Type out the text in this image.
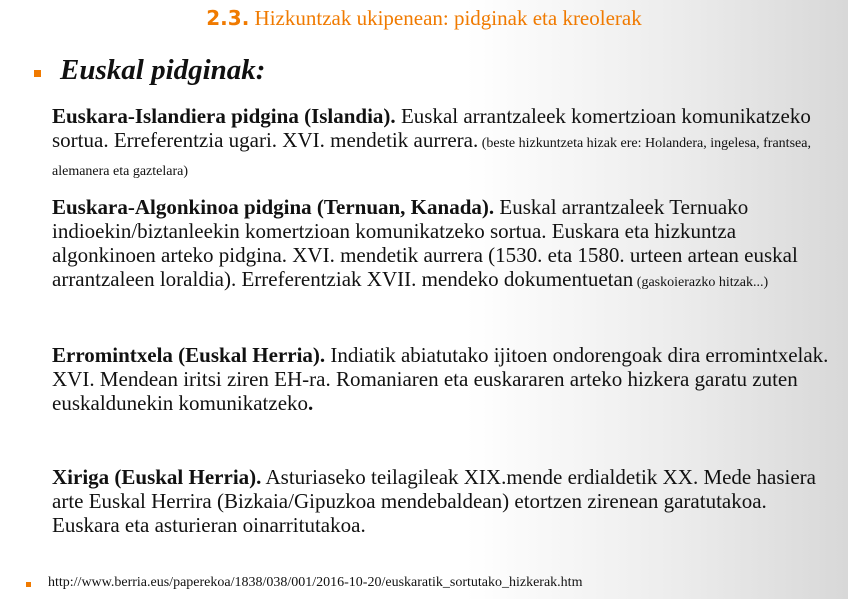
2.3. Hizkuntzak ukipenean: pidginak eta kreolerak
Euskal pidginak:

Euskara-Islandiera pidgina (Islandia). Euskal arrantzaleek komertzioan komunikatzeko sortua. Erreferentzia ugari. XVI. mendetik aurrera. (beste hizkuntzeta hizak ere: Holandera, ingelesa, frantsea, alemanera eta gaztelara)

Euskara-Algonkinoa pidgina (Ternuan, Kanada). Euskal arrantzaleek Ternuako indioekin/biztanleekin komertzioan komunikatzeko sortua. Euskara eta hizkuntza algonkinoen arteko pidgina. XVI. mendetik aurrera (1530. eta 1580. urteen artean euskal arrantzaleen loraldia). Erreferentziak XVII. mendeko dokumentuetan (gaskoierazko hitzak...)

Erromintxela (Euskal Herria). Indiatik abiatutako ijitoen ondorengoak dira erromintxelak. XVI. Mendean iritsi ziren EH-ra. Romaniaren eta euskararen arteko hizkera garatu zuten euskaldunekin komunikatzeko.

Xiriga (Euskal Herria). Asturiaseko teilagileak XIX.mende erdialdetik XX. Mede hasiera arte Euskal Herrira (Bizkaia/Gipuzkoa mendebaldean) etortzen zirenean garatutakoa. Euskara eta asturieran oinarritutakoa.

http://www.berria.eus/paperekoa/1838/038/001/2016-10-20/euskaratik_sortutako_hizkerak.htm
